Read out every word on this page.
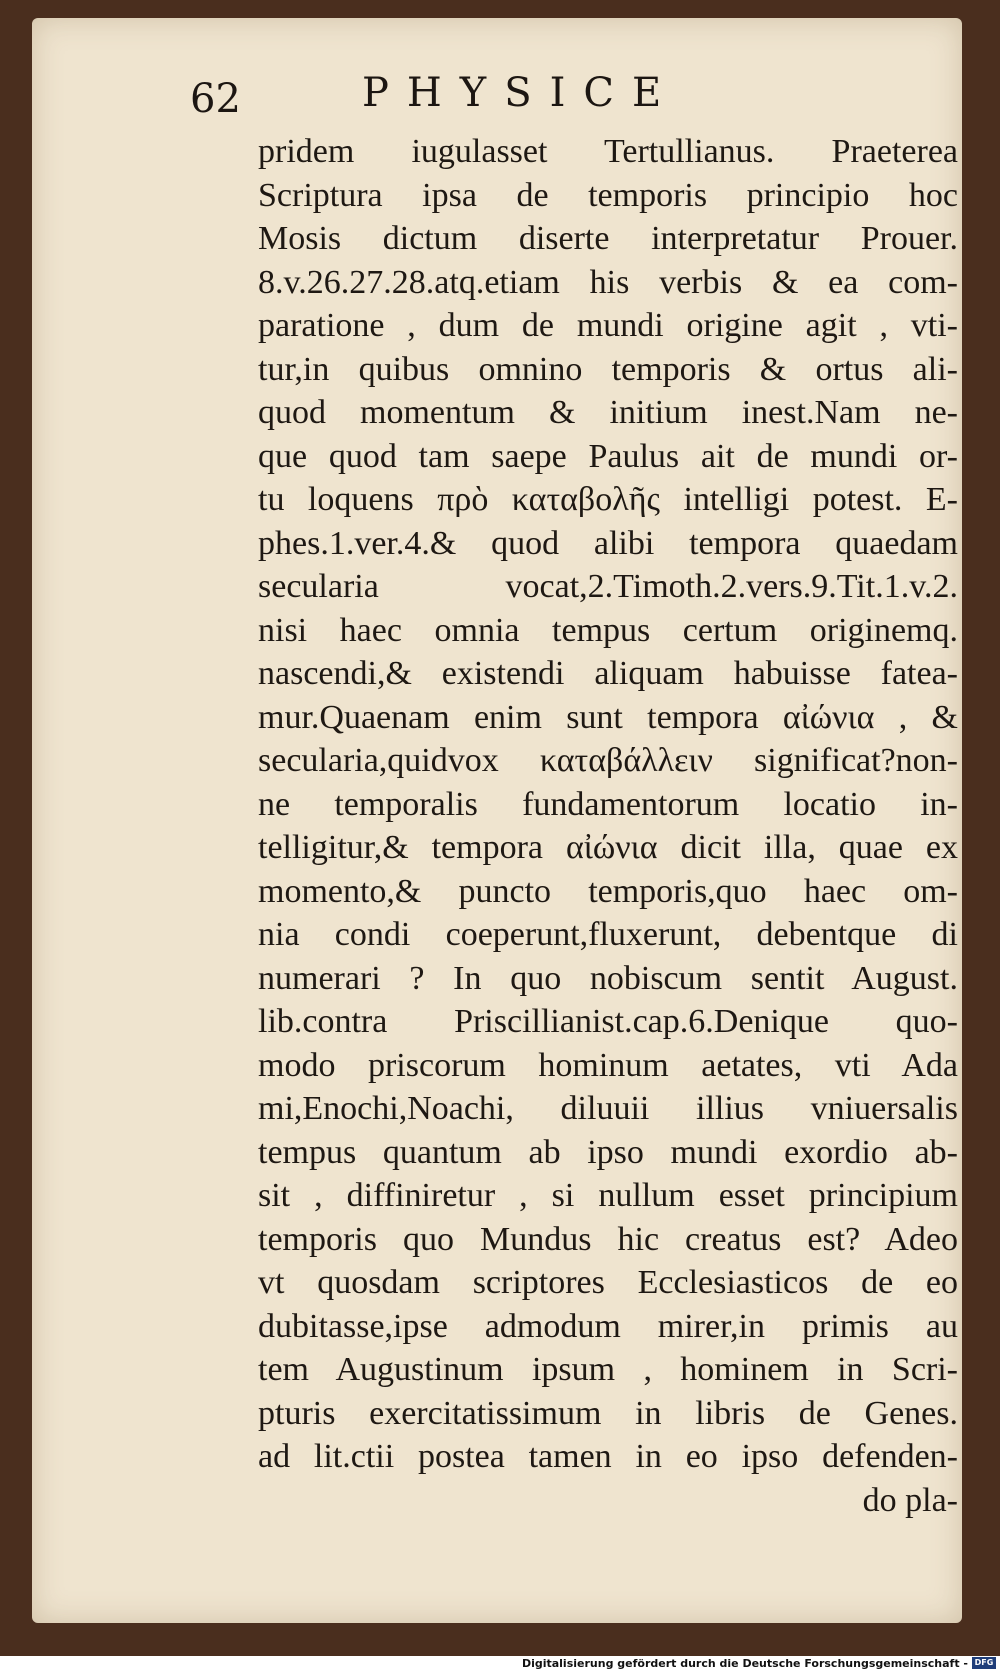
62	PHYSICE
pridem iugulasset Tertullianus. Praeterea
Scriptura ipsa de temporis principio hoc
Mosis dictum diserte interpretatur Prouer.
8.v.26.27.28.atq.etiam his verbis & ea com-
paratione , dum de mundi origine agit , vti-
tur,in quibus omnino temporis & ortus ali-
quod momentum & initium inest.Nam ne-
que quod tam saepe Paulus ait de mundi or-
tu loquens πρὸ καταβολῆς intelligi potest. E-
phes.1.ver.4.& quod alibi tempora quaedam
secularia vocat,2.Timoth.2.vers.9.Tit.1.v.2.
nisi haec omnia tempus certum originemq.
nascendi,& existendi aliquam habuisse fatea-
mur.Quaenam enim sunt tempora αἰώνια , &
secularia,quidvox καταβάλλειν significat?non-
ne temporalis fundamentorum locatio in-
telligitur,& tempora αἰώνια dicit illa, quae ex
momento,& puncto temporis,quo haec om-
nia condi coeperunt,fluxerunt, debentque di
numerari ? In quo nobiscum sentit August.
lib.contra Priscillianist.cap.6.Denique quo-
modo priscorum hominum aetates, vti Ada
mi,Enochi,Noachi, diluuii illius vniuersalis
tempus quantum ab ipso mundi exordio ab-
sit , diffiniretur , si nullum esset principium
temporis quo Mundus hic creatus est? Adeo
vt quosdam scriptores Ecclesiasticos de eo
dubitasse,ipse admodum mirer,in primis au
tem Augustinum ipsum , hominem in Scri-
pturis exercitatissimum in libris de Genes.
ad lit.ctii postea tamen in eo ipso defenden-
do pla-
Digitalisierung gefördert durch die Deutsche Forschungsgemeinschaft - DFG
